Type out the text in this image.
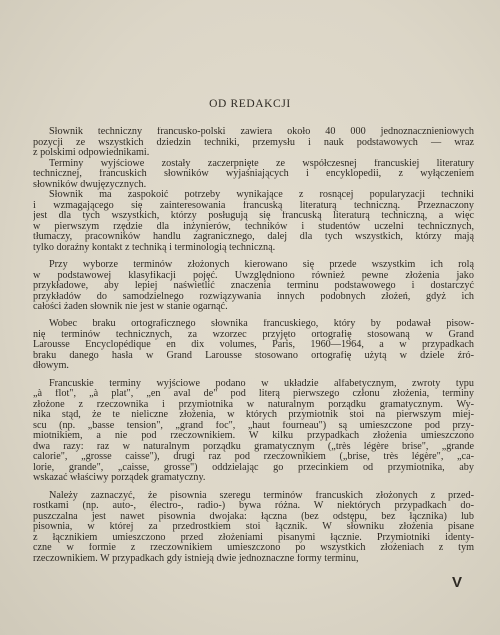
OD REDAKCJI
Słownik techniczny francusko-polski zawiera około 40 000 jednoznacznieniowych
pozycji ze wszystkich dziedzin techniki, przemysłu i nauk podstawowych — wraz
z polskimi odpowiednikami.
Terminy wyjściowe zostały zaczerpnięte ze współczesnej francuskiej literatury
technicznej, francuskich słowników wyjaśniających i encyklopedii, z wyłączeniem
słowników dwujęzycznych.
Słownik ma zaspokoić potrzeby wynikające z rosnącej popularyzacji techniki
i wzmagającego się zainteresowania francuską literaturą techniczną. Przeznaczony
jest dla tych wszystkich, którzy posługują się francuską literaturą techniczną, a więc
w pierwszym rzędzie dla inżynierów, techników i studentów uczelni technicznych,
tłumaczy, pracowników handlu zagranicznego, dalej dla tych wszystkich, którzy mają
tylko doraźny kontakt z techniką i terminologią techniczną.
Przy wyborze terminów złożonych kierowano się przede wszystkim ich rolą
w podstawowej klasyfikacji pojęć. Uwzględniono również pewne złożenia jako
przykładowe, aby lepiej naświetlić znaczenia terminu podstawowego i dostarczyć
przykładów do samodzielnego rozwiązywania innych podobnych złożeń, gdyż ich
całości żaden słownik nie jest w stanie ogarnąć.
Wobec braku ortograficznego słownika francuskiego, który by podawał pisow-
nię terminów technicznych, za wzorzec przyjęto ortografię stosowaną w Grand
Larousse Encyclopédique en dix volumes, Paris, 1960—1964, a w przypadkach
braku danego hasła w Grand Larousse stosowano ortografię użytą w dziele źró-
dłowym.
Francuskie terminy wyjściowe podano w układzie alfabetycznym, zwroty typu
„à flot", „à plat", „en aval de" pod literą pierwszego członu złożenia, terminy
złożone z rzeczownika i przymiotnika w naturalnym porządku gramatycznym. Wy-
nika stąd, że te nieliczne złożenia, w których przymiotnik stoi na pierwszym miej-
scu (np. „basse tension", „grand foc", „haut fourneau") są umieszczone pod przy-
miotnikiem, a nie pod rzeczownikiem. W kilku przypadkach złożenia umieszczono
dwa razy: raz w naturalnym porządku gramatycznym („très légère brise", „grande
calorie", „grosse caisse"), drugi raz pod rzeczownikiem („brise, très légère", „ca-
lorie, grande", „caisse, grosse") oddzielając go przecinkiem od przymiotnika, aby
wskazać właściwy porządek gramatyczny.
Należy zaznaczyć, że pisownia szeregu terminów francuskich złożonych z przed-
rostkami (np. auto-, électro-, radio-) bywa różna. W niektórych przypadkach do-
puszczalna jest nawet pisownia dwojaka: łączna (bez odstępu, bez łącznika) lub
pisownia, w której za przedrostkiem stoi łącznik. W słowniku złożenia pisane
z łącznikiem umieszczono przed złożeniami pisanymi łącznie. Przymiotniki identy-
czne w formie z rzeczownikiem umieszczono po wszystkich złożeniach z tym
rzeczownikiem. W przypadkach gdy istnieją dwie jednoznaczne formy terminu,
V
